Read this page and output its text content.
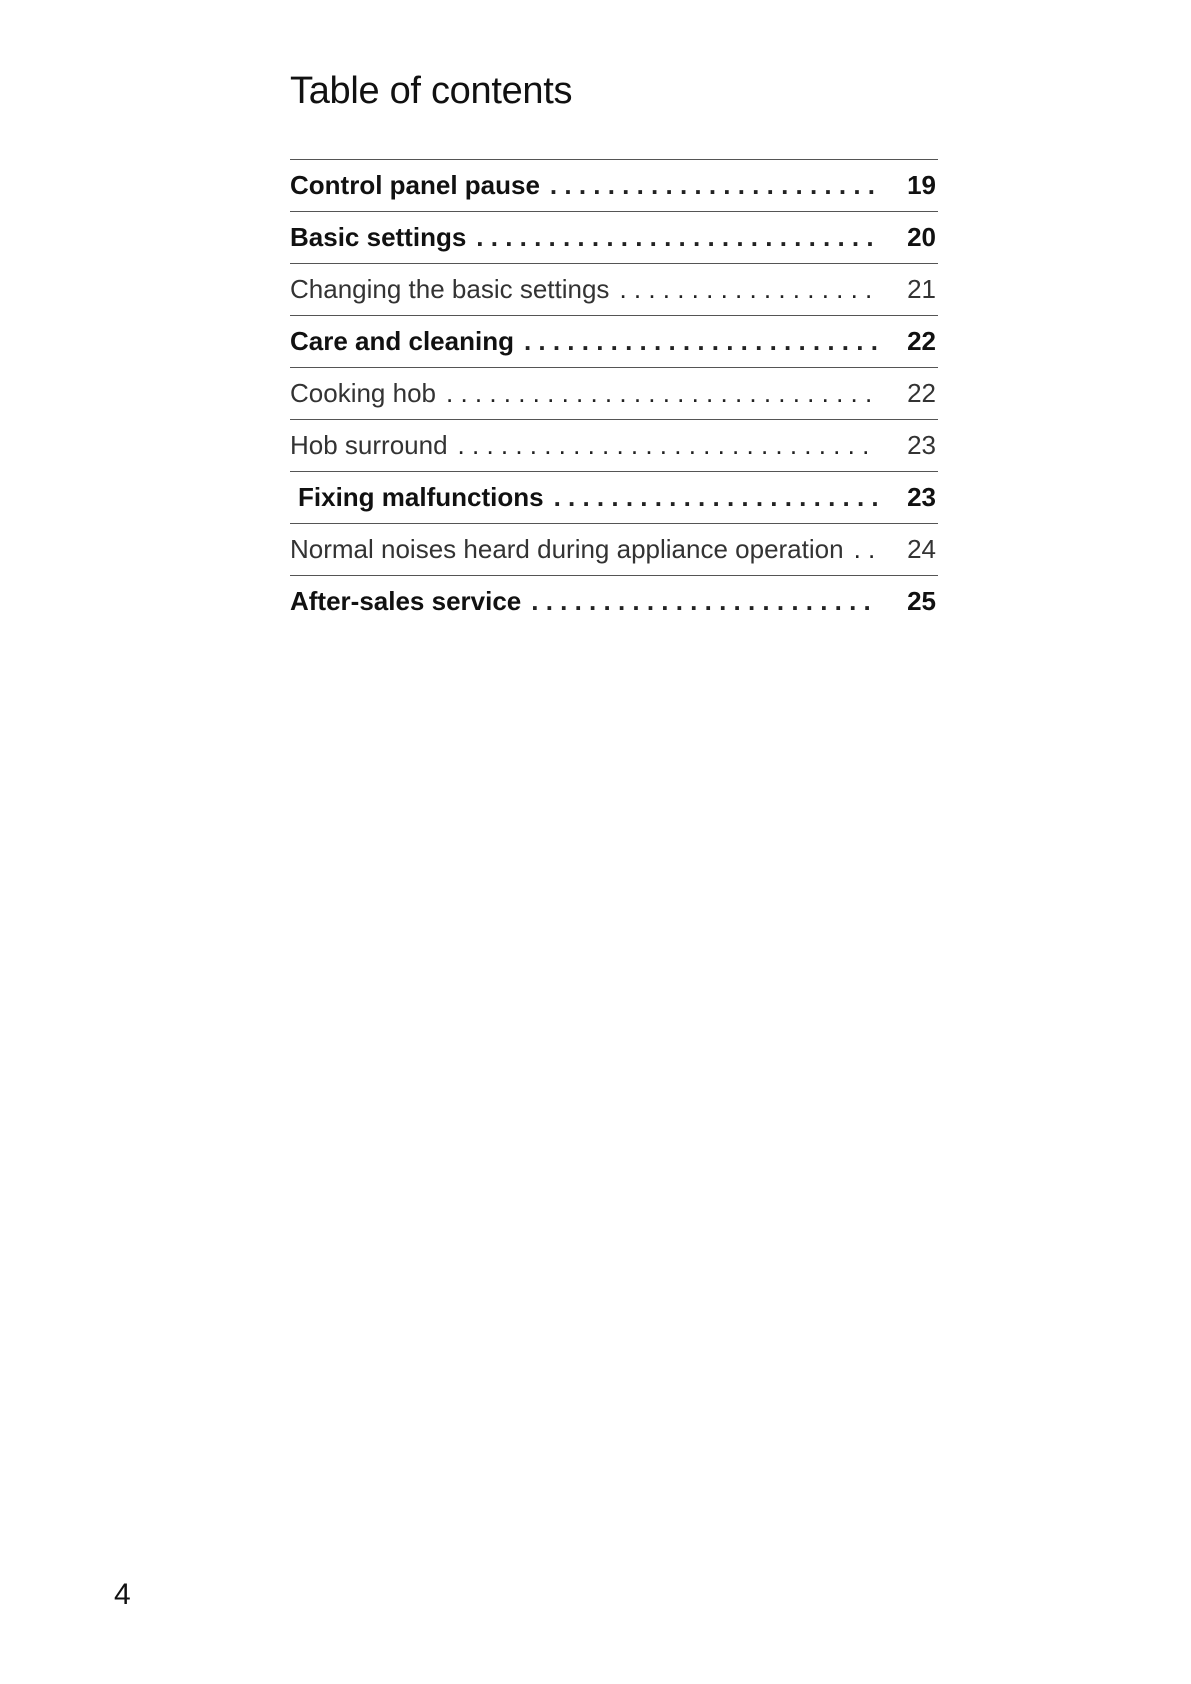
Table of contents
Control panel pause . . .	19
Basic settings . . .	20
Changing the basic settings . . .	21
Care and cleaning . . .	22
Cooking hob . . .	22
Hob surround . . .	23
Fixing malfunctions . . .	23
Normal noises heard during appliance operation . . .	24
After-sales service . . .	25
4
